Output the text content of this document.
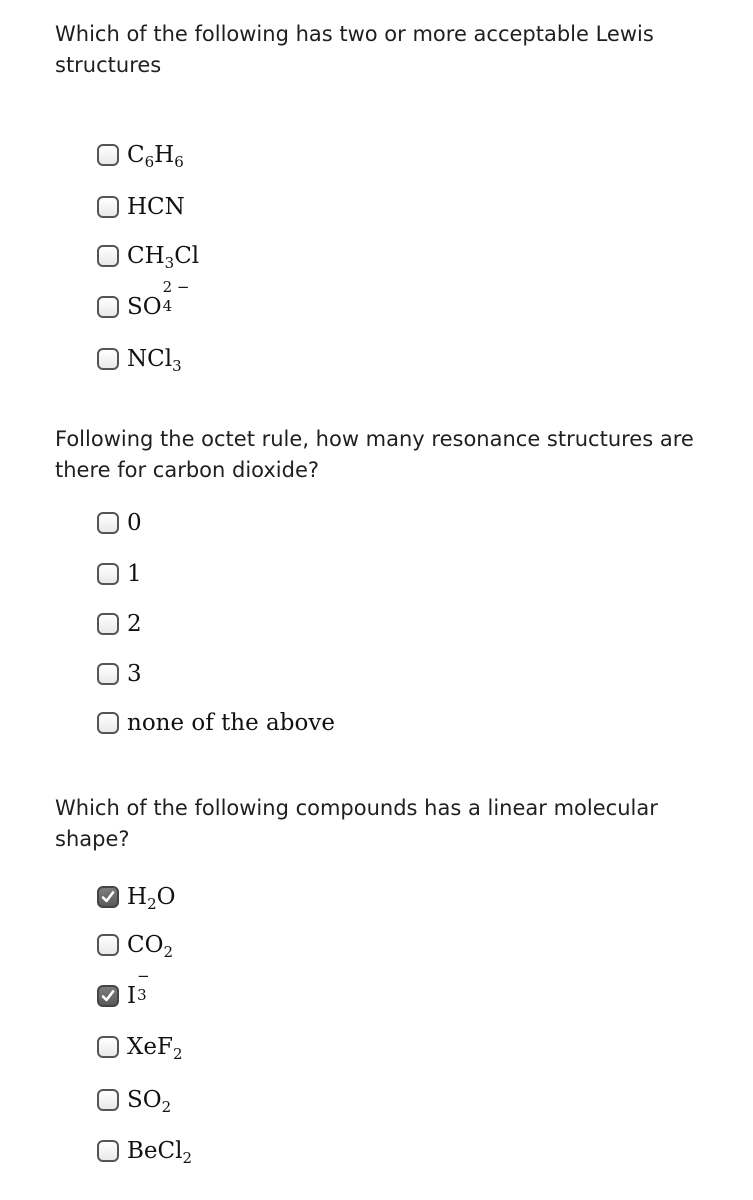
Which of the following has two or more acceptable Lewis structures

$C_6H_6$
HCN
$CH_3Cl$
SO
2 −
4
NCl$_3$

Following the octet rule, how many resonance structures are there for carbon dioxide?

0
1
2
3
none of the above

Which of the following compounds has a linear molecular shape?

$H_2O$
$CO_2$
I
−
3
XeF$_2$
$SO_2$
BeCl$_2$
